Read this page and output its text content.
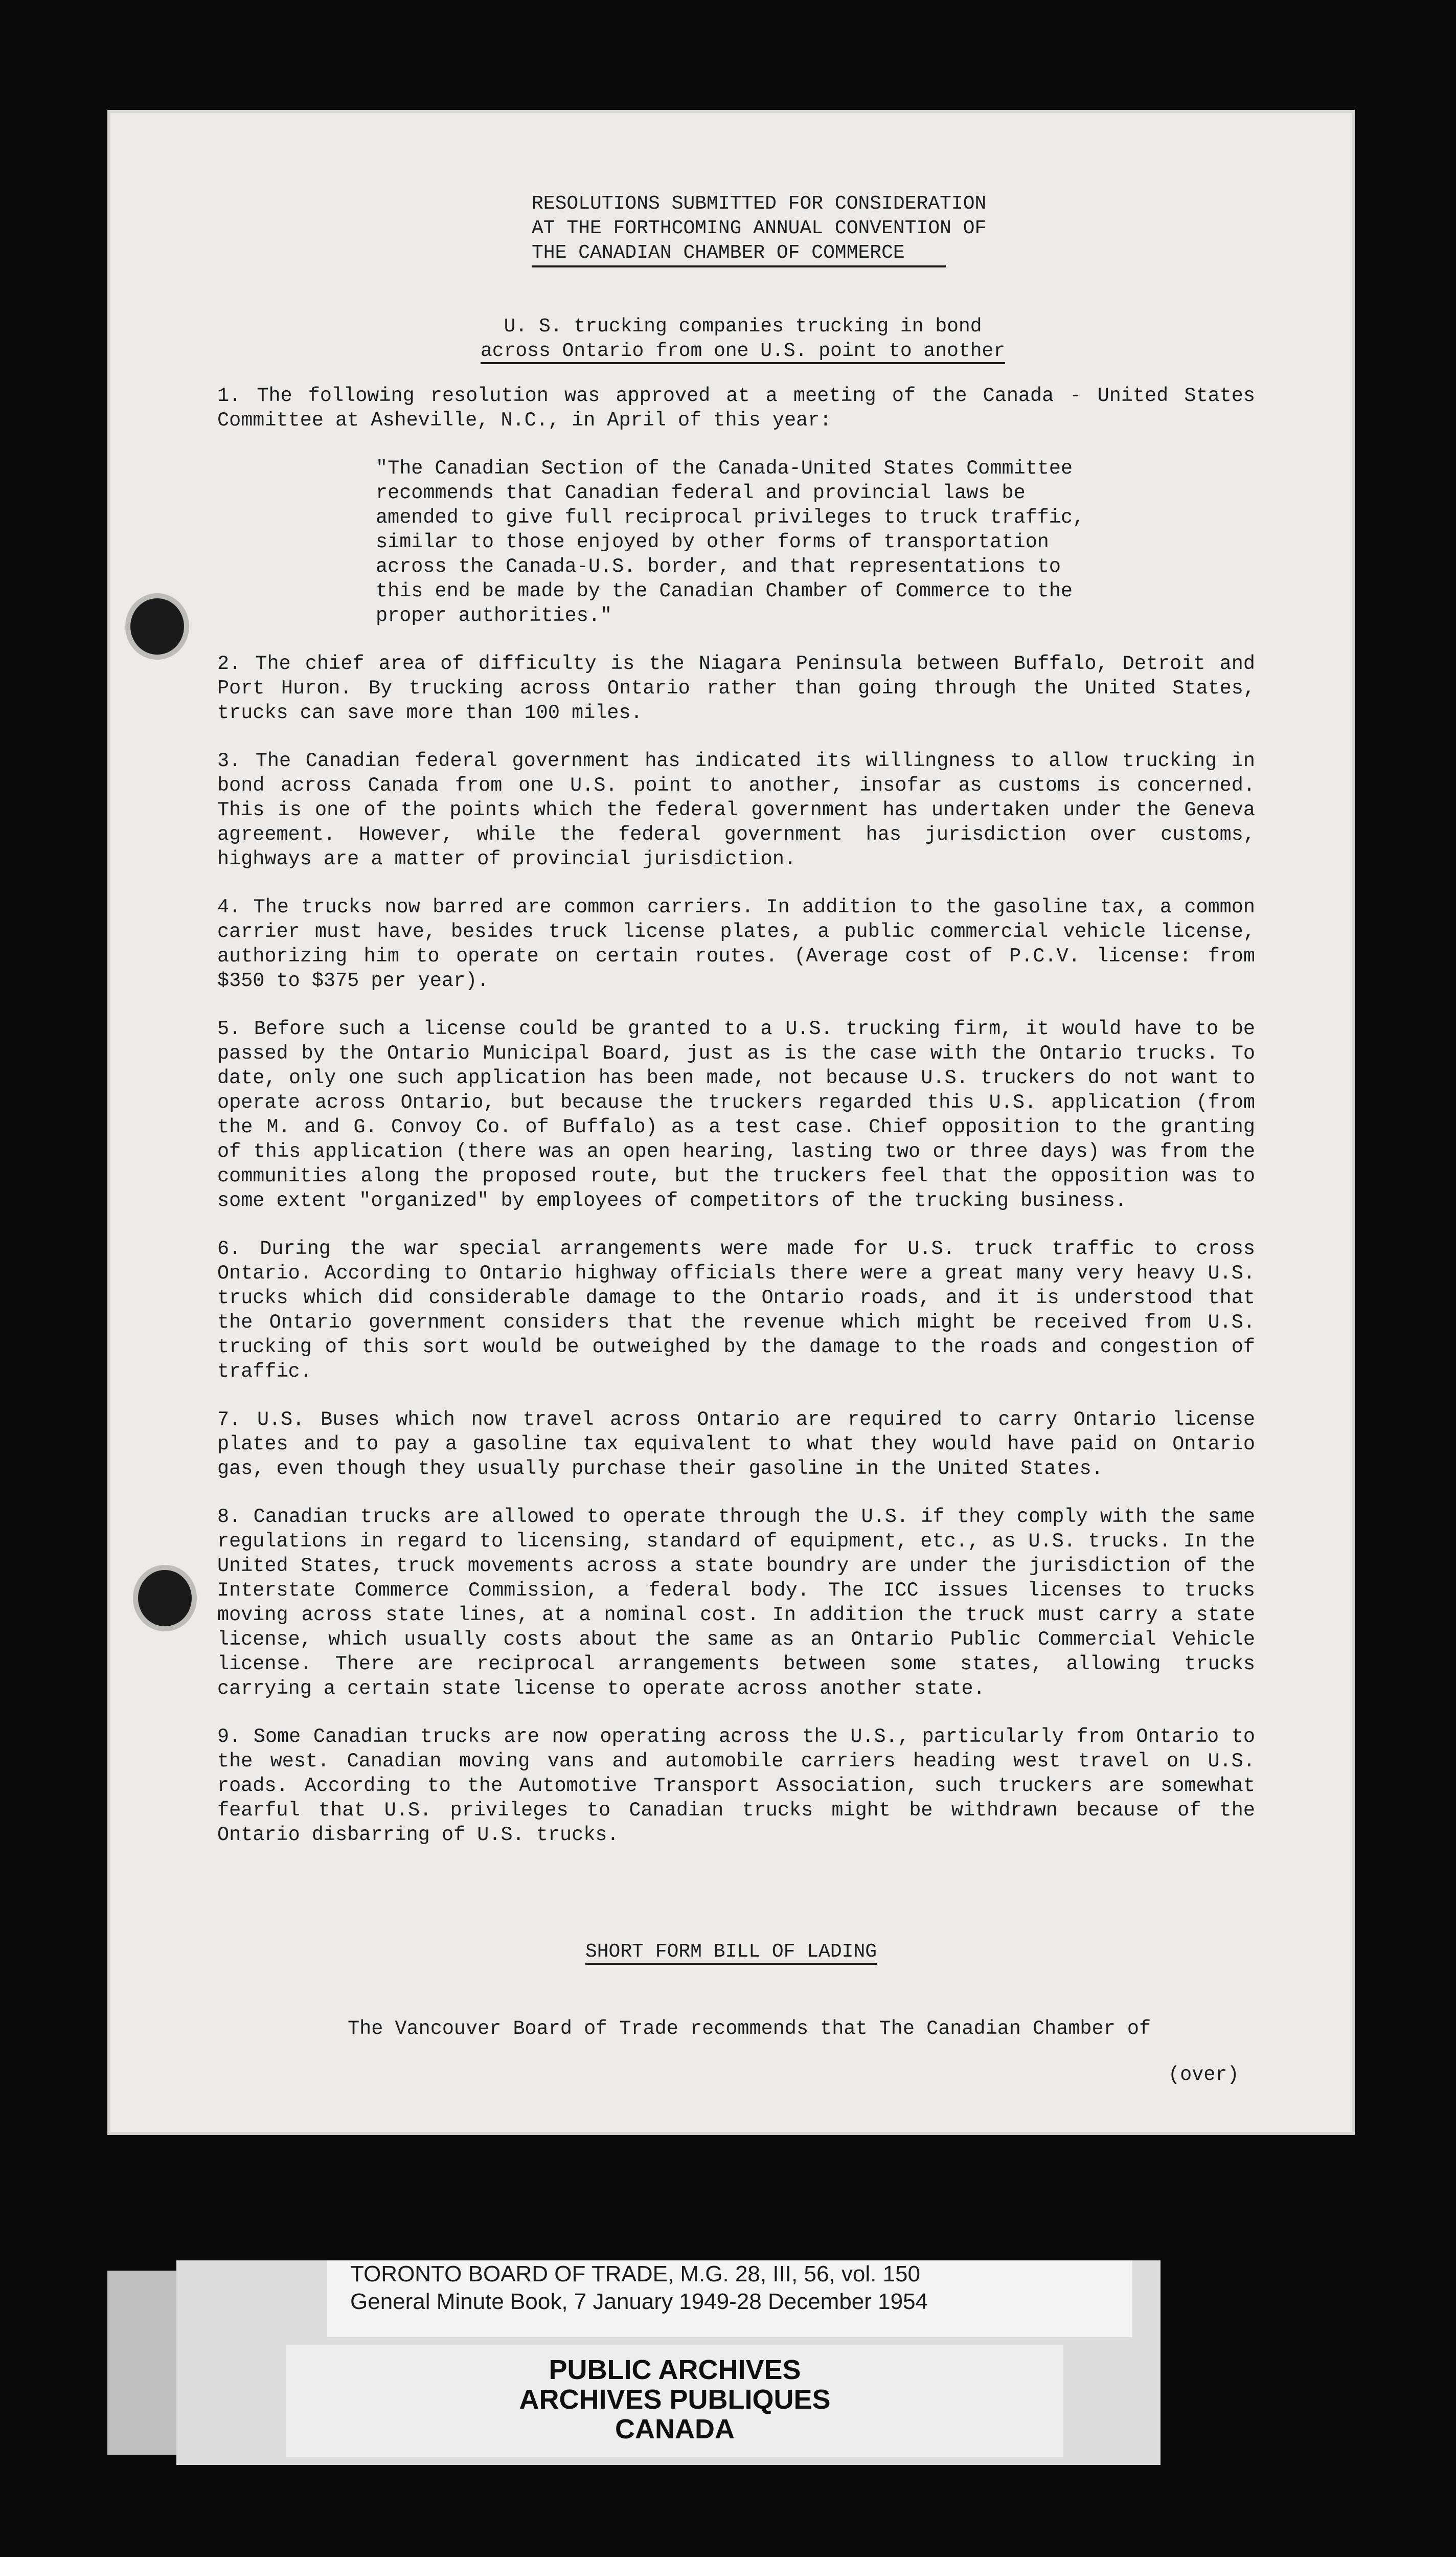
RESOLUTIONS SUBMITTED FOR CONSIDERATION
AT THE FORTHCOMING ANNUAL CONVENTION OF
THE CANADIAN CHAMBER OF COMMERCE
U. S. trucking companies trucking in bond
across Ontario from one U.S. point to another

1. The following resolution was approved at a meeting of the Canada - United States Committee at Asheville, N.C., in April of this year:

"The Canadian Section of the Canada-United States Committee recommends that Canadian federal and provincial laws be amended to give full reciprocal privileges to truck traffic, similar to those enjoyed by other forms of transportation across the Canada-U.S. border, and that representations to this end be made by the Canadian Chamber of Commerce to the proper authorities."

2. The chief area of difficulty is the Niagara Peninsula between Buffalo, Detroit and Port Huron. By trucking across Ontario rather than going through the United States, trucks can save more than 100 miles.

3. The Canadian federal government has indicated its willingness to allow trucking in bond across Canada from one U.S. point to another, insofar as customs is concerned. This is one of the points which the federal government has undertaken under the Geneva agreement. However, while the federal government has jurisdiction over customs, highways are a matter of provincial jurisdiction.

4. The trucks now barred are common carriers. In addition to the gasoline tax, a common carrier must have, besides truck license plates, a public commercial vehicle license, authorizing him to operate on certain routes. (Average cost of P.C.V. license: from $350 to $375 per year).

5. Before such a license could be granted to a U.S. trucking firm, it would have to be passed by the Ontario Municipal Board, just as is the case with the Ontario trucks. To date, only one such application has been made, not because U.S. truckers do not want to operate across Ontario, but because the truckers regarded this U.S. application (from the M. and G. Convoy Co. of Buffalo) as a test case. Chief opposition to the granting of this application (there was an open hearing, lasting two or three days) was from the communities along the proposed route, but the truckers feel that the opposition was to some extent "organized" by employees of competitors of the trucking business.

6. During the war special arrangements were made for U.S. truck traffic to cross Ontario. According to Ontario highway officials there were a great many very heavy U.S. trucks which did considerable damage to the Ontario roads, and it is understood that the Ontario government considers that the revenue which might be received from U.S. trucking of this sort would be outweighed by the damage to the roads and congestion of traffic.

7. U.S. Buses which now travel across Ontario are required to carry Ontario license plates and to pay a gasoline tax equivalent to what they would have paid on Ontario gas, even though they usually purchase their gasoline in the United States.

8. Canadian trucks are allowed to operate through the U.S. if they comply with the same regulations in regard to licensing, standard of equipment, etc., as U.S. trucks. In the United States, truck movements across a state boundry are under the jurisdiction of the Interstate Commerce Commission, a federal body. The ICC issues licenses to trucks moving across state lines, at a nominal cost. In addition the truck must carry a state license, which usually costs about the same as an Ontario Public Commercial Vehicle license. There are reciprocal arrangements between some states, allowing trucks carrying a certain state license to operate across another state.

9. Some Canadian trucks are now operating across the U.S., particularly from Ontario to the west. Canadian moving vans and automobile carriers heading west travel on U.S. roads. According to the Automotive Transport Association, such truckers are somewhat fearful that U.S. privileges to Canadian trucks might be withdrawn because of the Ontario disbarring of U.S. trucks.

SHORT FORM BILL OF LADING
The Vancouver Board of Trade recommends that The Canadian Chamber of
(over)
TORONTO BOARD OF TRADE, M.G. 28, III, 56, vol. 150
General Minute Book, 7 January 1949-28 December 1954
PUBLIC ARCHIVES
ARCHIVES PUBLIQUES
CANADA
